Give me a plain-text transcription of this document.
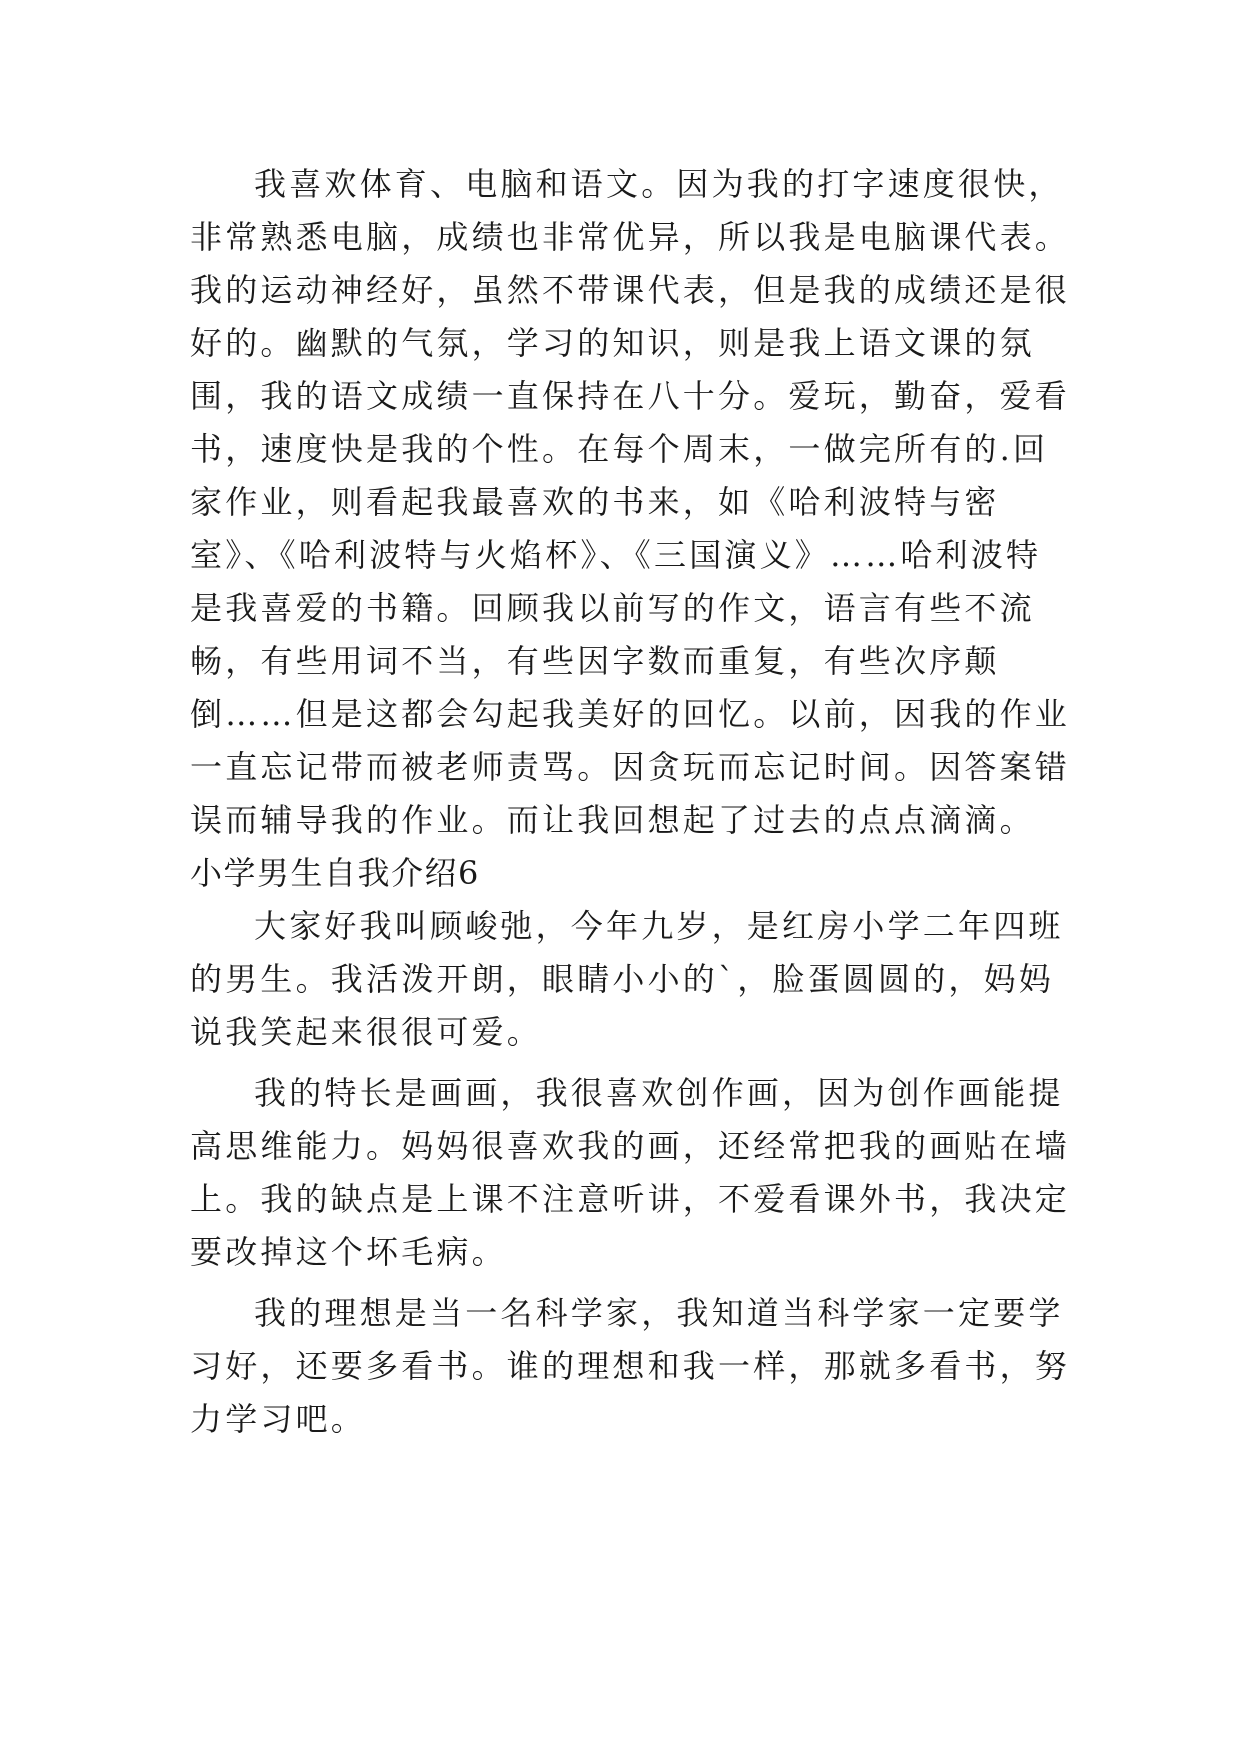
我喜欢体育、电脑和语文。因为我的打字速度很快，非常熟悉电脑，成绩也非常优异，所以我是电脑课代表。我的运动神经好，虽然不带课代表，但是我的成绩还是很好的。幽默的气氛，学习的知识，则是我上语文课的氛围，我的语文成绩一直保持在八十分。爱玩，勤奋，爱看书，速度快是我的个性。在每个周末，一做完所有的.回家作业，则看起我最喜欢的书来，如《哈利波特与密室》、《哈利波特与火焰杯》、《三国演义》……哈利波特是我喜爱的书籍。回顾我以前写的作文，语言有些不流畅，有些用词不当，有些因字数而重复，有些次序颠倒……但是这都会勾起我美好的回忆。以前，因我的作业一直忘记带而被老师责骂。因贪玩而忘记时间。因答案错误而辅导我的作业。而让我回想起了过去的点点滴滴。

小学男生自我介绍6

大家好我叫顾峻弛，今年九岁，是红房小学二年四班的男生。我活泼开朗，眼睛小小的`，脸蛋圆圆的，妈妈说我笑起来很很可爱。

我的特长是画画，我很喜欢创作画，因为创作画能提高思维能力。妈妈很喜欢我的画，还经常把我的画贴在墙上。我的缺点是上课不注意听讲，不爱看课外书，我决定要改掉这个坏毛病。

我的理想是当一名科学家，我知道当科学家一定要学习好，还要多看书。谁的理想和我一样，那就多看书，努力学习吧。
